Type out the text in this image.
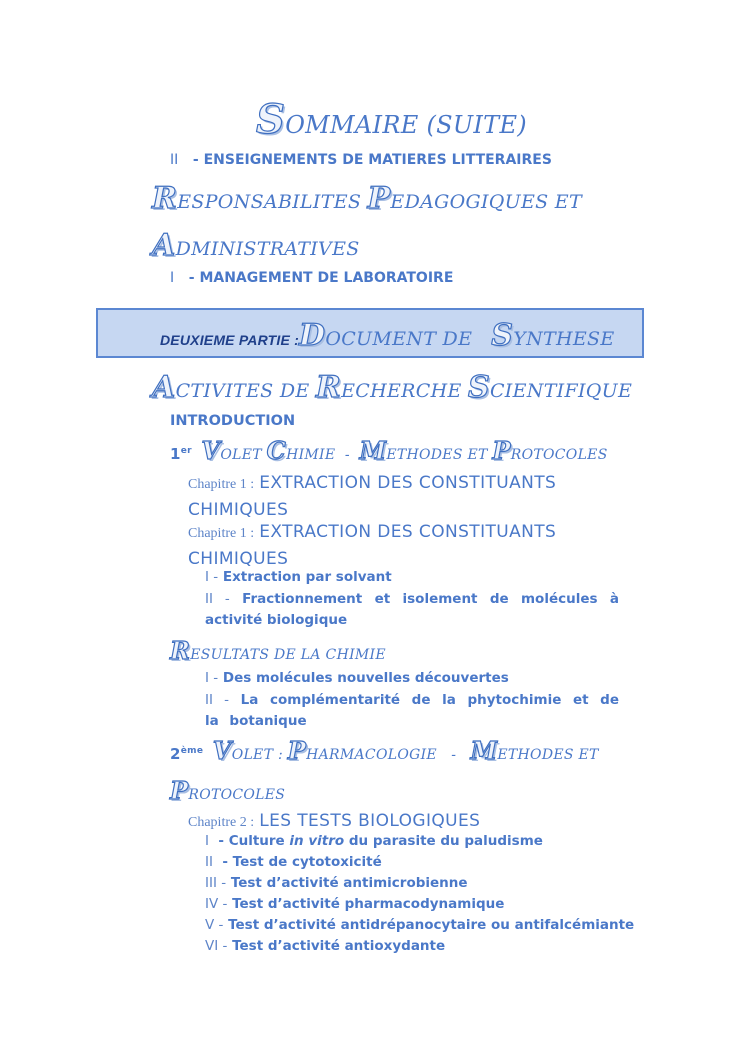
SOMMAIRE (SUITE)
II - ENSEIGNEMENTS DE MATIERES LITTERAIRES
RESPONSABILITES PEDAGOGIQUES ET
ADMINISTRATIVES
I - MANAGEMENT DE LABORATOIRE
DEUXIEME PARTIE :DOCUMENT DE SYNTHESE
ACTIVITES DE RECHERCHE SCIENTIFIQUE
INTRODUCTION
1er VOLET CHIMIE - METHODES ET PROTOCOLES
Chapitre 1 : EXTRACTION DES CONSTITUANTS
CHIMIQUES
Chapitre 1 : EXTRACTION DES CONSTITUANTS
CHIMIQUES
I - Extraction par solvant
II - Fractionnement et isolement de molécules à activité biologique
RESULTATS DE LA CHIMIE
I - Des molécules nouvelles découvertes
II - La complémentarité de la phytochimie et de la botanique
2ème VOLET : PHARMACOLOGIE - METHODES ET
PROTOCOLES
Chapitre 2 : LES TESTS BIOLOGIQUES
I - Culture in vitro du parasite du paludisme
II - Test de cytotoxicité
III - Test d’activité antimicrobienne
IV - Test d’activité pharmacodynamique
V - Test d’activité antidrépanocytaire ou antifalcémiante
VI - Test d’activité antioxydante
